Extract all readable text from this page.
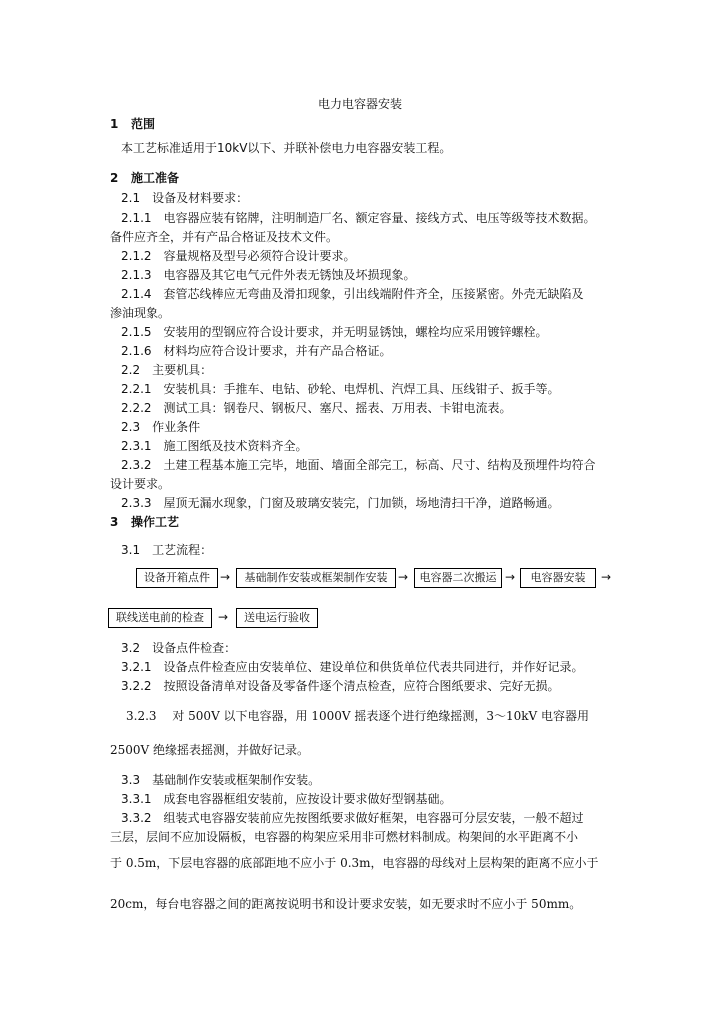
电力电容器安装
1 范围
本工艺标准适用于10kV以下、并联补偿电力电容器安装工程。
2 施工准备
2.1　设备及材料要求：
2.1.1　电容器应装有铭牌，注明制造厂名、额定容量、接线方式、电压等级等技术数据。
备件应齐全，并有产品合格证及技术文件。
2.1.2　容量规格及型号必须符合设计要求。
2.1.3　电容器及其它电气元件外表无锈蚀及坏损现象。
2.1.4　套管芯线棒应无弯曲及滑扣现象，引出线端附件齐全，压接紧密。外壳无缺陷及
渗油现象。
2.1.5　安装用的型钢应符合设计要求，并无明显锈蚀，螺栓均应采用镀锌螺栓。
2.1.6　材料均应符合设计要求，并有产品合格证。
2.2　主要机具：
2.2.1　安装机具：手推车、电钻、砂轮、电焊机、汽焊工具、压线钳子、扳手等。
2.2.2　测试工具：钢卷尺、钢板尺、塞尺、摇表、万用表、卡钳电流表。
2.3　作业条件
2.3.1　施工图纸及技术资料齐全。
2.3.2　土建工程基本施工完毕，地面、墙面全部完工，标高、尺寸、结构及预埋件均符合
设计要求。
2.3.3　屋顶无漏水现象，门窗及玻璃安装完，门加锁，场地清扫干净，道路畅通。
3 操作工艺
3.1　工艺流程：
设备开箱点件 →	基础制作安装或框架制作安装 →	电容器二次搬运 →	电容器安装	→
联线送电前的检查	→	送电运行验收
3.2　设备点件检查：
3.2.1　设备点件检查应由安装单位、建设单位和供货单位代表共同进行，并作好记录。
3.2.2　按照设备清单对设备及零备件逐个清点检查，应符合图纸要求、完好无损。
3.2.3　 对 500V 以下电容器，用 1000V 摇表逐个进行绝缘摇测，3～10kV 电容器用
2500V 绝缘摇表摇测，并做好记录。
3.3　基础制作安装或框架制作安装。
3.3.1　成套电容器框组安装前，应按设计要求做好型钢基础。
3.3.2　组装式电容器安装前应先按图纸要求做好框架，电容器可分层安装，一般不超过
三层，层间不应加设隔板，电容器的构架应采用非可燃材料制成。构架间的水平距离不小
于 0.5m，下层电容器的底部距地不应小于 0.3m，电容器的母线对上层构架的距离不应小于
20cm，每台电容器之间的距离按说明书和设计要求安装，如无要求时不应小于 50mm。
